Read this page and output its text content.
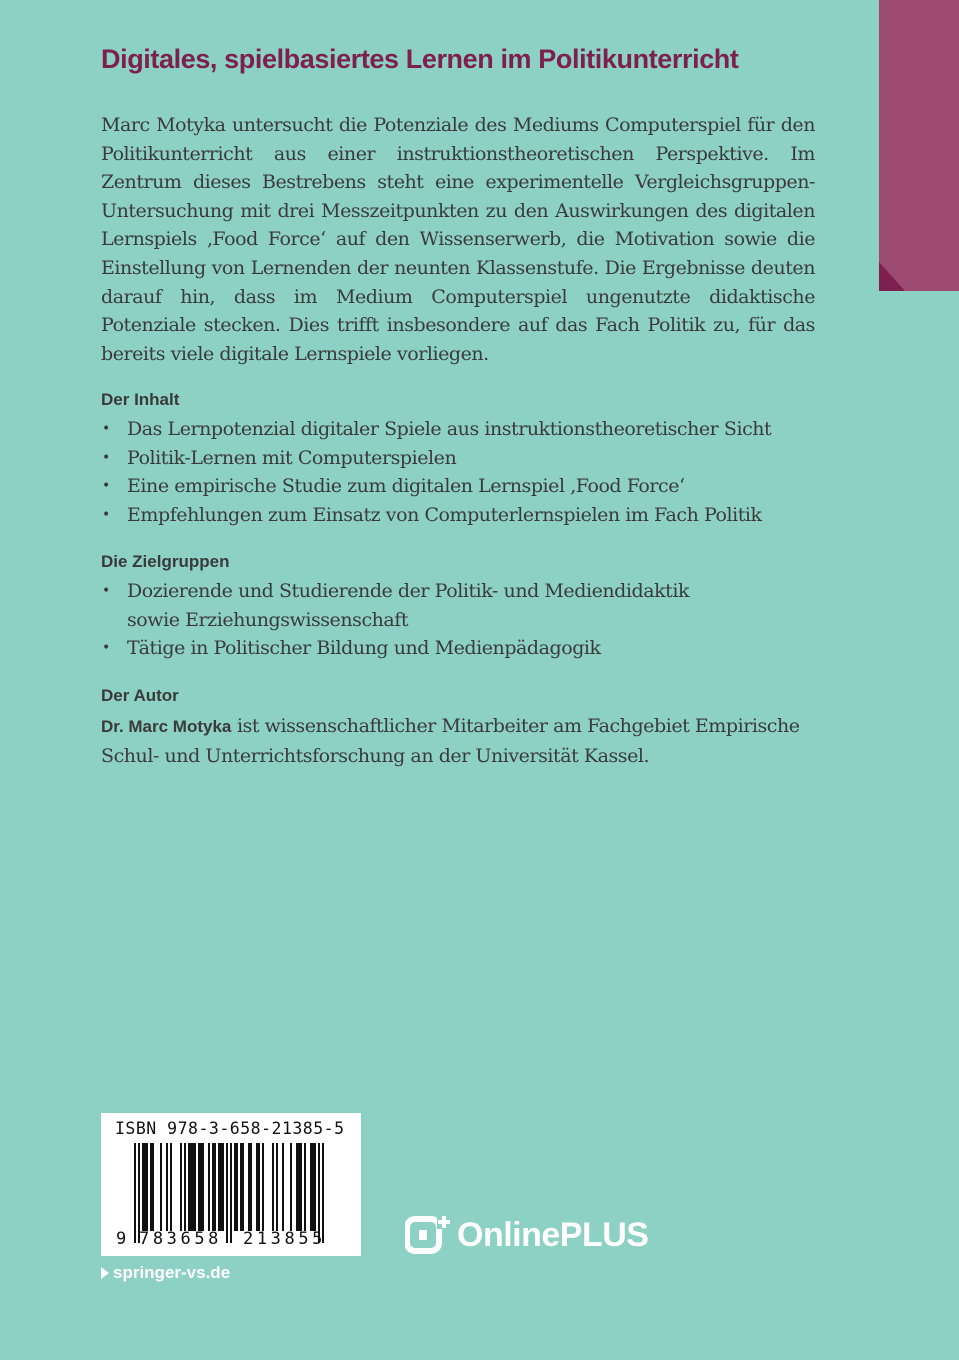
Digitales, spielbasiertes Lernen im Politikunterricht

Marc Motyka untersucht die Potenziale des Mediums Computerspiel für den Politikunterricht aus einer instruktionstheoretischen Perspektive. Im Zentrum dieses Bestrebens steht eine experimentelle Vergleichsgruppen-Untersuchung mit drei Messzeitpunkten zu den Auswirkungen des digitalen Lernspiels ‚Food Force‘ auf den Wissenserwerb, die Motivation sowie die Einstellung von Lernenden der neunten Klassenstufe. Die Ergebnisse deuten darauf hin, dass im Medium Computerspiel ungenutzte didaktische Potenziale stecken. Dies trifft insbesondere auf das Fach Politik zu, für das bereits viele digitale Lernspiele vorliegen.

Der Inhalt
• Das Lernpotenzial digitaler Spiele aus instruktionstheoretischer Sicht
• Politik-Lernen mit Computerspielen
• Eine empirische Studie zum digitalen Lernspiel ‚Food Force‘
• Empfehlungen zum Einsatz von Computerlernspielen im Fach Politik
Die Zielgruppen
• Dozierende und Studierende der Politik- und Mediendidaktik sowie Erziehungswissenschaft
• Tätige in Politischer Bildung und Medienpädagogik
Der Autor

Dr. Marc Motyka ist wissenschaftlicher Mitarbeiter am Fachgebiet Empirische Schul- und Unterrichtsforschung an der Universität Kassel.

ISBN 978-3-658-21385-5
9 783658 213855
springer-vs.de
OnlinePLUS
